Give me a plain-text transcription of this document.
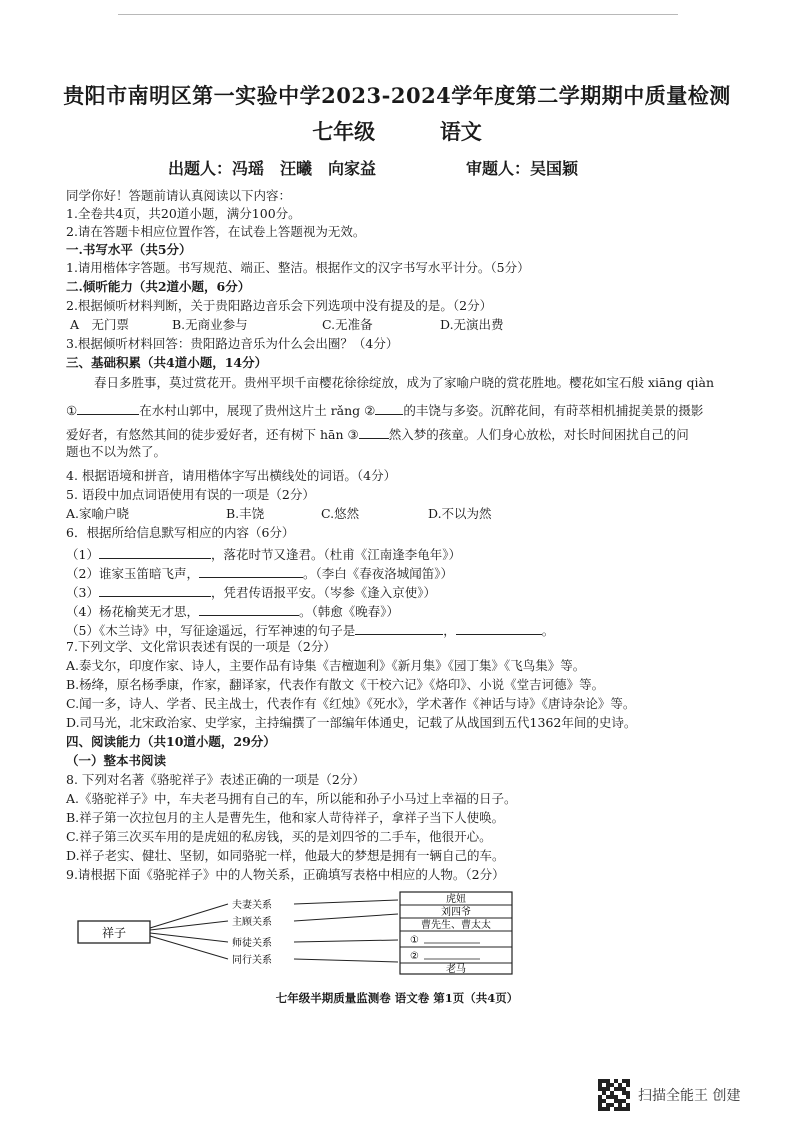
贵阳市南明区第一实验中学2023-2024学年度第二学期期中质量检测
七年级	语文
出题人：冯瑶　汪曦　向家益	审题人：吴国颖
同学你好！答题前请认真阅读以下内容：
1.全卷共4页，共20道小题，满分100分。
2.请在答题卡相应位置作答，在试卷上答题视为无效。
一.书写水平（共5分）
1.请用楷体字答题。书写规范、端正、整洁。根据作文的汉字书写水平计分。（5分）
二.倾听能力（共2道小题，6分）
2.根据倾听材料判断，关于贵阳路边音乐会下列选项中没有提及的是。（2分）
A　无门票	B.无商业参与	C.无准备	D.无演出费
3.根据倾听材料回答：贵阳路边音乐为什么会出圈？（4分）
三、基础积累（共4道小题，14分）
春日多胜事，莫过赏花开。贵州平坝千亩樱花徐徐绽放，成为了家喻户晓的赏花胜地。樱花如宝石般 xiāng qiàn
①	在水村山郭中，展现了贵州这片土 rǎng ② 的丰饶与多姿。沉醉花间，有莳萃相机捕捉美景的摄影
爱好者，有悠然其间的徒步爱好者，还有树下 hān ③ 然入梦的孩童。人们身心放松，对长时间困扰自己的问
题也不以为然了。
4. 根据语境和拼音，请用楷体字写出横线处的词语。（4分）
5. 语段中加点词语使用有误的一项是（2分）
A.家喻户晓	B.丰饶	C.悠然	D.不以为然
6．根据所给信息默写相应的内容（6分）
（1）	，落花时节又逢君。（杜甫《江南逢李龟年》）
（2）谁家玉笛暗飞声，	。（李白《春夜洛城闻笛》）
（3）	，凭君传语报平安。（岑参《逢入京使》）
（4）杨花榆荚无才思，	。（韩愈《晚春》）
（5）《木兰诗》中，写征途遥远，行军神速的句子是	，	。
7.下列文学、文化常识表述有误的一项是（2分）
A.泰戈尔，印度作家、诗人，主要作品有诗集《吉檀迦利》《新月集》《园丁集》《飞鸟集》等。
B.杨绛，原名杨季康，作家，翻译家，代表作有散文《干校六记》《烙印》、小说《堂吉诃德》等。
C.闻一多，诗人、学者、民主战士，代表作有《红烛》《死水》，学术著作《神话与诗》《唐诗杂论》等。
D.司马光，北宋政治家、史学家，主持编撰了一部编年体通史，记载了从战国到五代1362年间的史诗。
四、阅读能力（共10道小题，29分）
（一）整本书阅读
8. 下列对名著《骆驼祥子》表述正确的一项是（2分）
A.《骆驼祥子》中，车夫老马拥有自己的车，所以能和孙子小马过上幸福的日子。
B.祥子第一次拉包月的主人是曹先生，他和家人苛待祥子，拿祥子当下人使唤。
C.祥子第三次买车用的是虎妞的私房钱，买的是刘四爷的二手车，他很开心。
D.祥子老实、健壮、坚韧，如同骆驼一样，他最大的梦想是拥有一辆自己的车。
9.请根据下面《骆驼祥子》中的人物关系，正确填写表格中相应的人物。（2分）
祥子
夫妻关系
主顾关系
师徒关系
同行关系
虎妞
刘四爷
曹先生、曹太太
①
②
老马
七年级半期质量监测卷 语文卷 第1页（共4页）
扫描全能王 创建
